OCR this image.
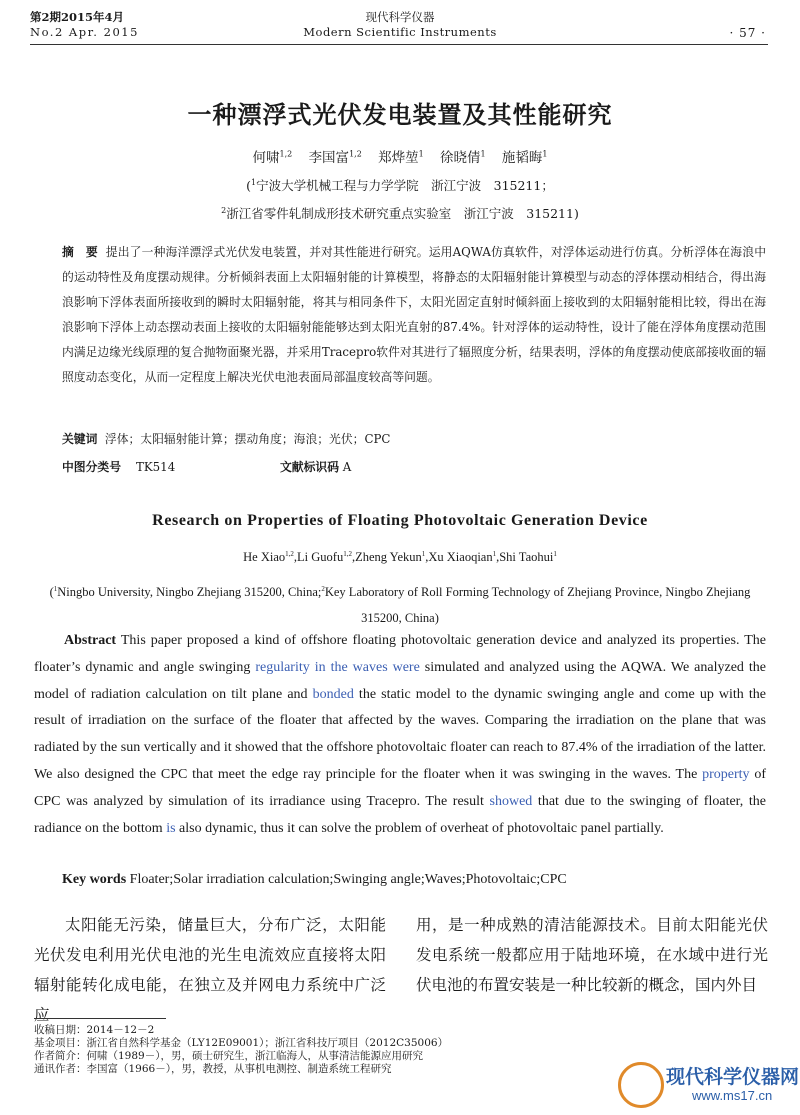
第2期2015年4月
No.2 Apr. 2015
现代科学仪器
Modern Scientific Instruments	· 57 ·
一种漂浮式光伏发电装置及其性能研究
何啸$^{1,2}$ 李国富$^{1,2}$ 郑烨堃$^1$ 徐晓倩$^1$ 施韬晦$^1$
($^1$宁波大学机械工程与力学学院　浙江宁波　315211；
$^2$浙江省零件轧制成形技术研究重点实验室　浙江宁波　315211)
摘　要 提出了一种海洋漂浮式光伏发电装置，并对其性能进行研究。运用AQWA仿真软件，对浮体运动进行仿真。分析浮体在海浪中的运动特性及角度摆动规律。分析倾斜表面上太阳辐射能的计算模型，将静态的太阳辐射能计算模型与动态的浮体摆动相结合，得出海浪影响下浮体表面所接收到的瞬时太阳辐射能，将其与相同条件下，太阳光固定直射时倾斜面上接收到的太阳辐射能相比较，得出在海浪影响下浮体上动态摆动表面上接收的太阳辐射能能够达到太阳光直射的87.4%。针对浮体的运动特性，设计了能在浮体角度摆动范围内满足边缘光线原理的复合抛物面聚光器，并采用Tracepro软件对其进行了辐照度分析，结果表明，浮体的角度摆动使底部接收面的辐照度动态变化，从而一定程度上解决光伏电池表面局部温度较高等问题。
关键词 浮体；太阳辐射能计算；摆动角度；海浪；光伏；CPC
中图分类号 TK514	文献标识码 A
Research on Properties of Floating Photovoltaic Generation Device
He Xiao$^{1,2}$,Li Guofu$^{1,2}$,Zheng Yekun$^1$,Xu Xiaoqian$^1$,Shi Taohui$^1$
($^1$Ningbo University, Ningbo Zhejiang 315200, China;$^2$Key Laboratory of Roll Forming Technology of Zhejiang Province, Ningbo Zhejiang 315200, China)
Abstract This paper proposed a kind of offshore floating photovoltaic generation device and analyzed its properties. The floater’s dynamic and angle swinging regularity in the waves were simulated and analyzed using the AQWA. We analyzed the model of radiation calculation on tilt plane and bonded the static model to the dynamic swinging angle and come up with the result of irradiation on the surface of the floater that affected by the waves. Comparing the irradiation on the plane that was radiated by the sun vertically and it showed that the offshore photovoltaic floater can reach to 87.4% of the irradiation of the latter. We also designed the CPC that meet the edge ray principle for the floater when it was swinging in the waves. The property of CPC was analyzed by simulation of its irradiance using Tracepro. The result showed that due to the swinging of floater, the radiance on the bottom is also dynamic, thus it can solve the problem of overheat of photovoltaic panel partially.
Key words Floater;Solar irradiation calculation;Swinging angle;Waves;Photovoltaic;CPC
太阳能无污染，储量巨大，分布广泛，太阳能光伏发电利用光伏电池的光生电流效应直接将太阳辐射能转化成电能，在独立及并网电力系统中广泛应
用，是一种成熟的清洁能源技术。目前太阳能光伏发电系统一般都应用于陆地环境，在水域中进行光伏电池的布置安装是一种比较新的概念，国内外目
收稿日期：2014－12－2
基金项目：浙江省自然科学基金（LY12E09001）；浙江省科技厅项目（2012C35006）
作者简介：何啸（1989－），男，硕士研究生，浙江临海人，从事清洁能源应用研究
通讯作者：李国富（1966－），男，教授，从事机电测控、制造系统工程研究	现代科学仪器网
www.ms17.cn
